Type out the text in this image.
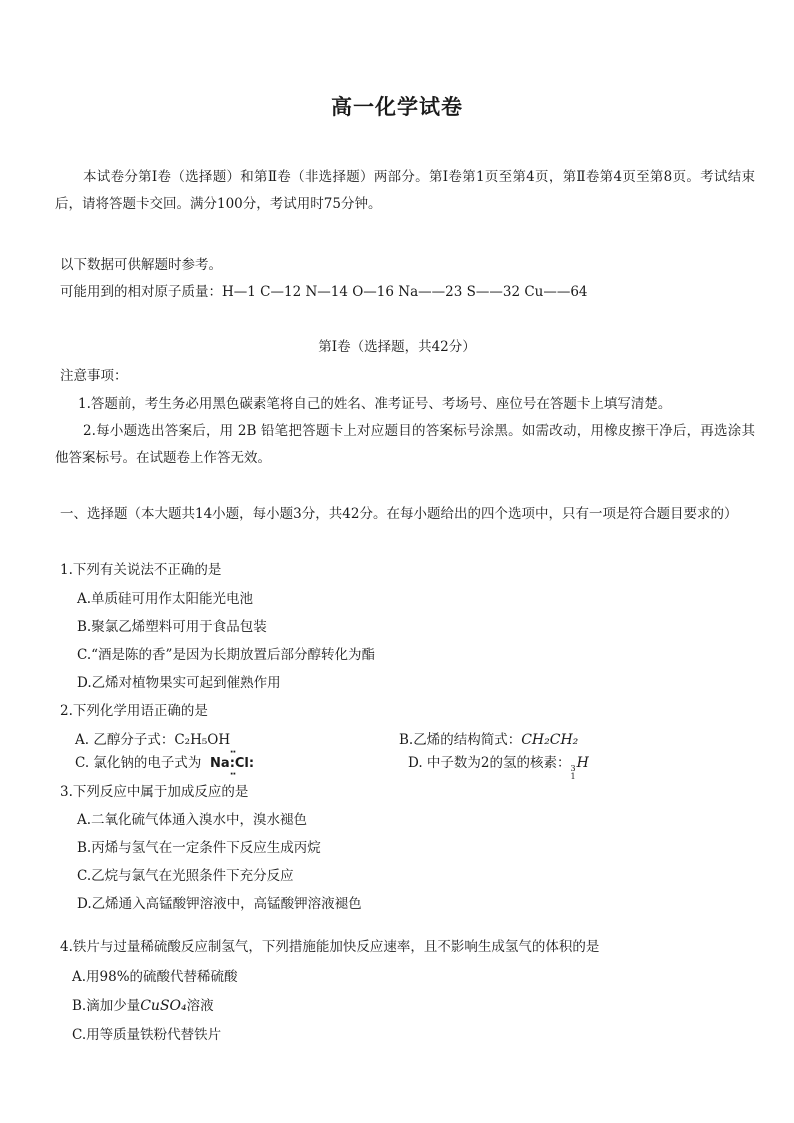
高一化学试卷
本试卷分第Ⅰ卷（选择题）和第Ⅱ卷（非选择题）两部分。第Ⅰ卷第1页至第4页，第Ⅱ卷第4页至第8页。考试结束后，请将答题卡交回。满分100分，考试用时75分钟。
以下数据可供解题时参考。
可能用到的相对原子质量：H—1 C—12 N—14 O—16 Na——23 S——32 Cu——64
第Ⅰ卷（选择题，共42分）
注意事项：
1.答题前，考生务必用黑色碳素笔将自己的姓名、准考证号、考场号、座位号在答题卡上填写清楚。
2.每小题选出答案后，用 2B 铅笔把答题卡上对应题目的答案标号涂黑。如需改动，用橡皮擦干净后，再选涂其他答案标号。在试题卷上作答无效。
一、选择题（本大题共14小题，每小题3分，共42分。在每小题给出的四个选项中，只有一项是符合题目要求的）
1.下列有关说法不正确的是
A.单质硅可用作太阳能光电池
B.聚氯乙烯塑料可用于食品包装
C.“酒是陈的香”是因为长期放置后部分醇转化为酯
D.乙烯对植物果实可起到催熟作用
2.下列化学用语正确的是
A. 乙醇分子式：C₂H₅OH	B.乙烯的结构简式：CH₂CH₂
C. 氯化钠的电子式为 Na·· :Cl: ··	D. 中子数为2的氢的核素： 3
1
H
3.下列反应中属于加成反应的是
A.二氧化硫气体通入溴水中，溴水褪色
B.丙烯与氢气在一定条件下反应生成丙烷
C.乙烷与氯气在光照条件下充分反应
D.乙烯通入高锰酸钾溶液中，高锰酸钾溶液褪色
4.铁片与过量稀硫酸反应制氢气，下列措施能加快反应速率，且不影响生成氢气的体积的是
A.用98%的硫酸代替稀硫酸
B.滴加少量CuSO₄溶液
C.用等质量铁粉代替铁片
